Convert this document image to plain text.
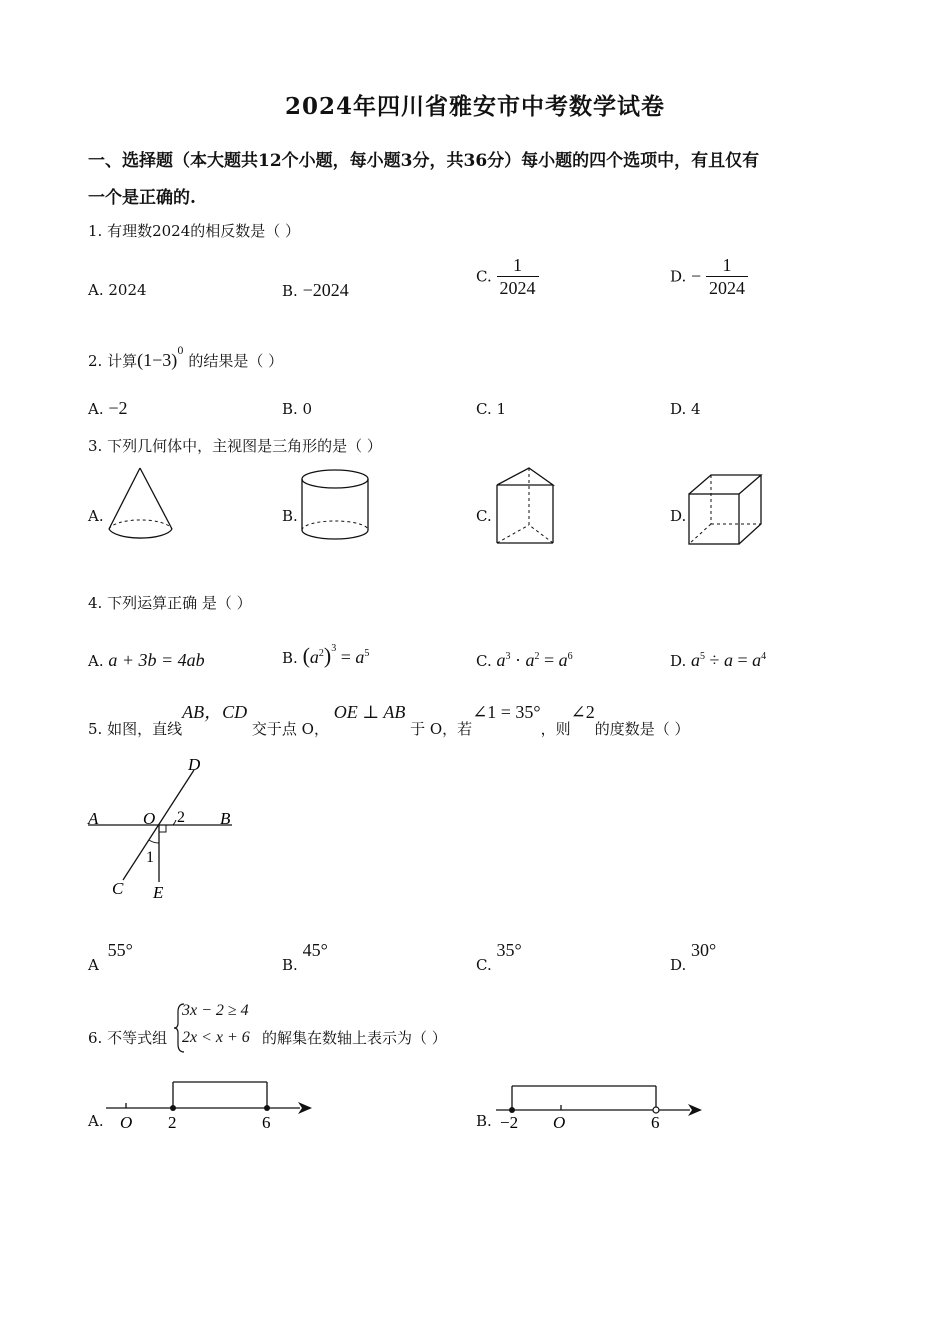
2024年四川省雅安市中考数学试卷
一、选择题（本大题共12个小题，每小题3分，共36分）每小题的四个选项中，有且仅有
一个是正确的.
1. 有理数2024的相反数是（ ）
A. 2024	B. −2024
C. $\frac{1}{2024}$	D. − $\frac{1}{2024}$
2. 计算$(1-3)^0$ 的结果是（ ）
A. −2	B. 0	C. 1	D. 4
3. 下列几何体中，主视图是三角形的是（ ）
A.	B.	C.	D.
4. 下列运算正确 是（ ）
A. a + 3b = 4ab	B. $(a^2)^3 = a^5$	C. $a^3 \cdot a^2 = a^6$	D. $a^5 \div a = a^4$
5. 如图，直线AB，CD 交于点 O， OE ⊥ AB 于 O，若∠1 = 35°，则∠2的度数是（ ）
D
A	O 2 B
1
C E
A 55°
B. 45°
C. 35°
D. 30°
6. 不等式组
3x − 2 ≥ 4
2x < x + 6 的解集在数轴上表示为（ ）
A. O 2	6	B. −2 O	6
